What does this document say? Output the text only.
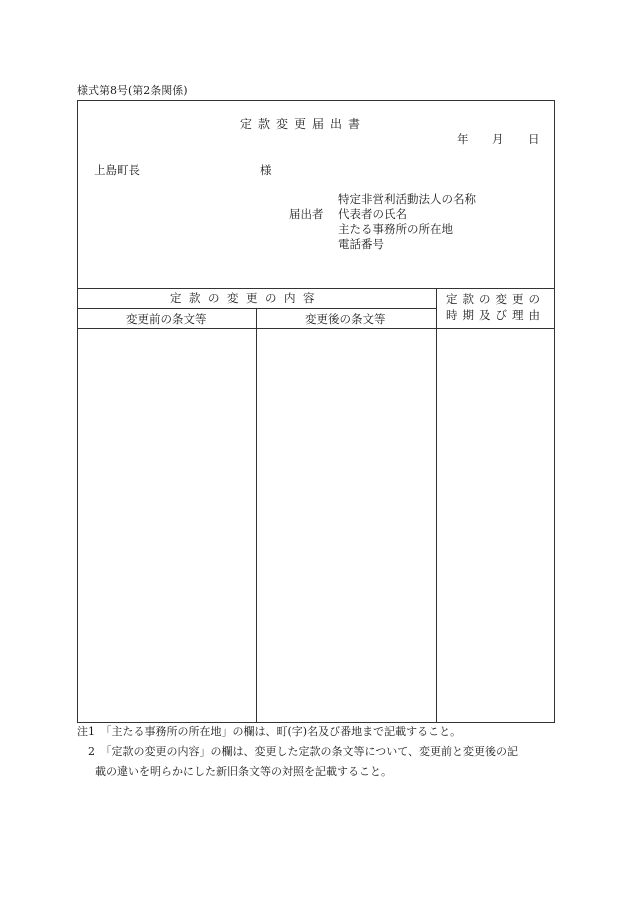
様式第8号(第2条関係)
定款変更届出書
年 月 日
上島町長	様
届出者
特定非営利活動法人の名称
代表者の氏名
主たる事務所の所在地
電話番号
定款の変更の内容
変更前の条文等	変更後の条文等
定款の変更の
時期及び理由
注1　「主たる事務所の所在地」の欄は、町(字)名及び番地まで記載すること。
　2　「定款の変更の内容」の欄は、変更した定款の条文等について、変更前と変更後の記
載の違いを明らかにした新旧条文等の対照を記載すること。
